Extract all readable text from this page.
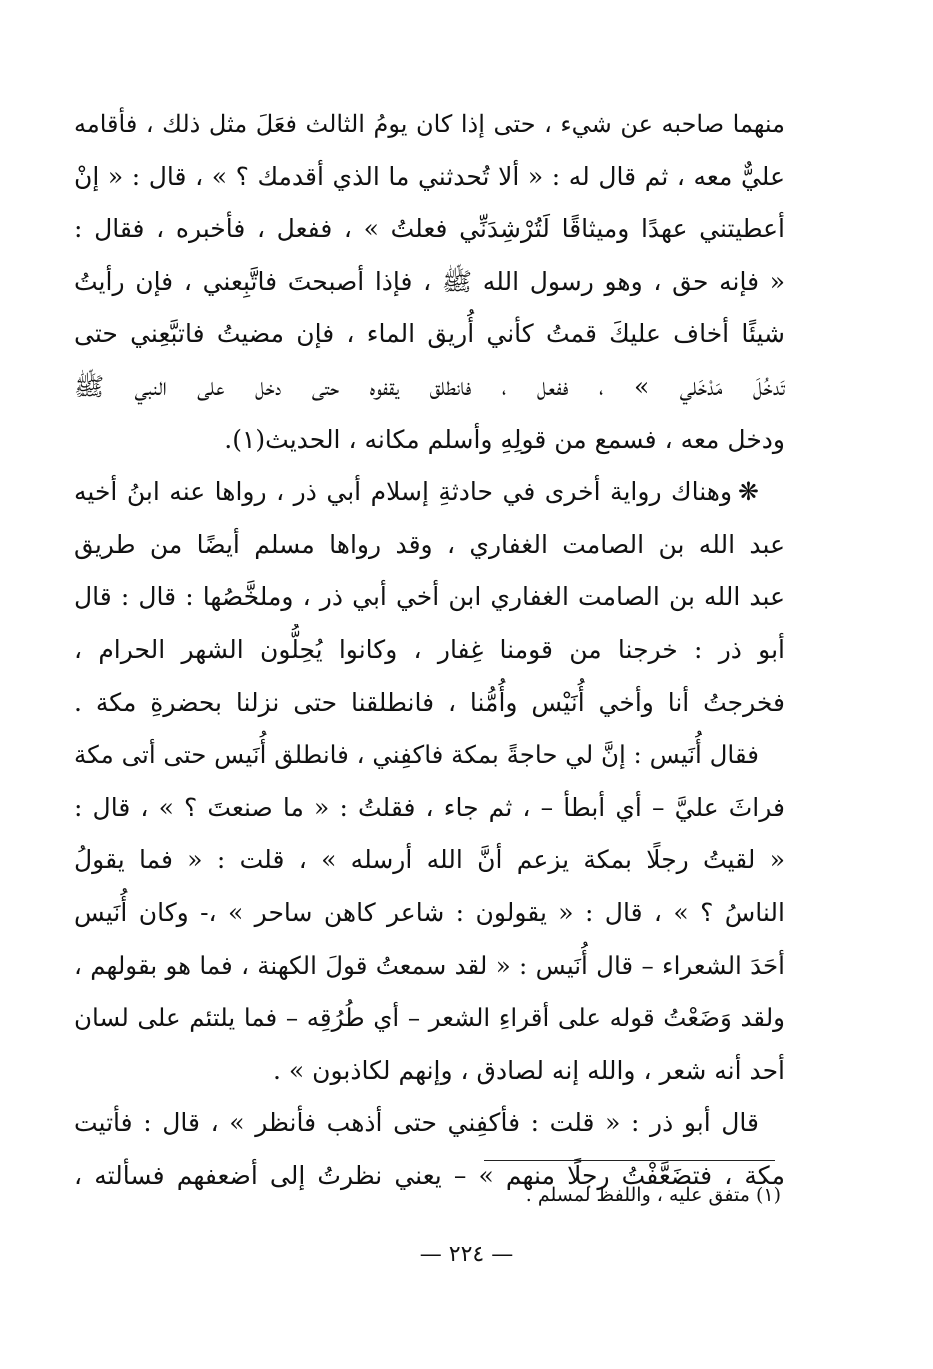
منهما صاحبه عن شيء ، حتى إذا كان يومُ الثالث فعَلَ مثل ذلك ، فأقامه
عليٌّ معه ، ثم قال له : « ألا تُحدثني ما الذي أقدمك ؟ » ، قال : « إنْ
أعطيتني عهدًا وميثاقًا لَتُرْشِدَنِّي فعلتُ » ، ففعل ، فأخبره ، فقال :
« فإنه حق ، وهو رسول الله ﷺ ، فإذا أصبحتَ فاتَّبِعني ، فإن رأيتُ
شيئًا أخاف عليكَ قمتُ كأني أُريق الماء ، فإن مضيتُ فاتبَّعِني حتى
تَدخُلَ مَدْخَلي » ، ففعل ، فانطلق يقفوه حتى دخل على النبي ﷺ
ودخل معه ، فسمع من قولِهِ وأسلم مكانه ، الحديث(١).
❋وهناك رواية أخرى في حادثةِ إسلام أبي ذر ، رواها عنه ابنُ أخيه
عبد الله بن الصامت الغفاري ، وقد رواها مسلم أيضًا من طريق
عبد الله بن الصامت الغفاري ابن أخي أبي ذر ، وملخَّصُها : قال : قال
أبو ذر : خرجنا من قومنا غِفار ، وكانوا يُحِلُّون الشهر الحرام ،
فخرجتُ أنا وأخي أُنَيْس وأُمُّنا ، فانطلقنا حتى نزلنا بحضرةِ مكة .
فقال أُنَيس : إنَّ لي حاجةً بمكة فاكفِني ، فانطلق أُنَيس حتى أتى مكة
فراثَ عليَّ – أي أبطأ – ، ثم جاء ، فقلتُ : « ما صنعتَ ؟ » ، قال :
« لقيتُ رجلًا بمكة يزعم أنَّ الله أرسله » ، قلت : « فما يقولُ
الناسُ ؟ » ، قال : « يقولون : شاعر كاهن ساحر » ،- وكان أُنَيس
أحَدَ الشعراء – قال أُنَيس : « لقد سمعتُ قولَ الكهنة ، فما هو بقولهم ،
ولقد وَضَعْتُ قوله على أقراءِ الشعر – أي طُرُقِه – فما يلتئم على لسان
أحد أنه شعر ، والله إنه لصادق ، وإنهم لكاذبون » .
قال أبو ذر : « قلت : فأكفِني حتى أذهب فأنظر » ، قال : فأتيت
مكة ، فتضَعَّفْتُ رجلًا منهم » – يعني نظرتُ إلى أضعفهم فسألته ،
(١) متفق عليه ، واللفظ لمسلم .
— ٢٢٤ —
